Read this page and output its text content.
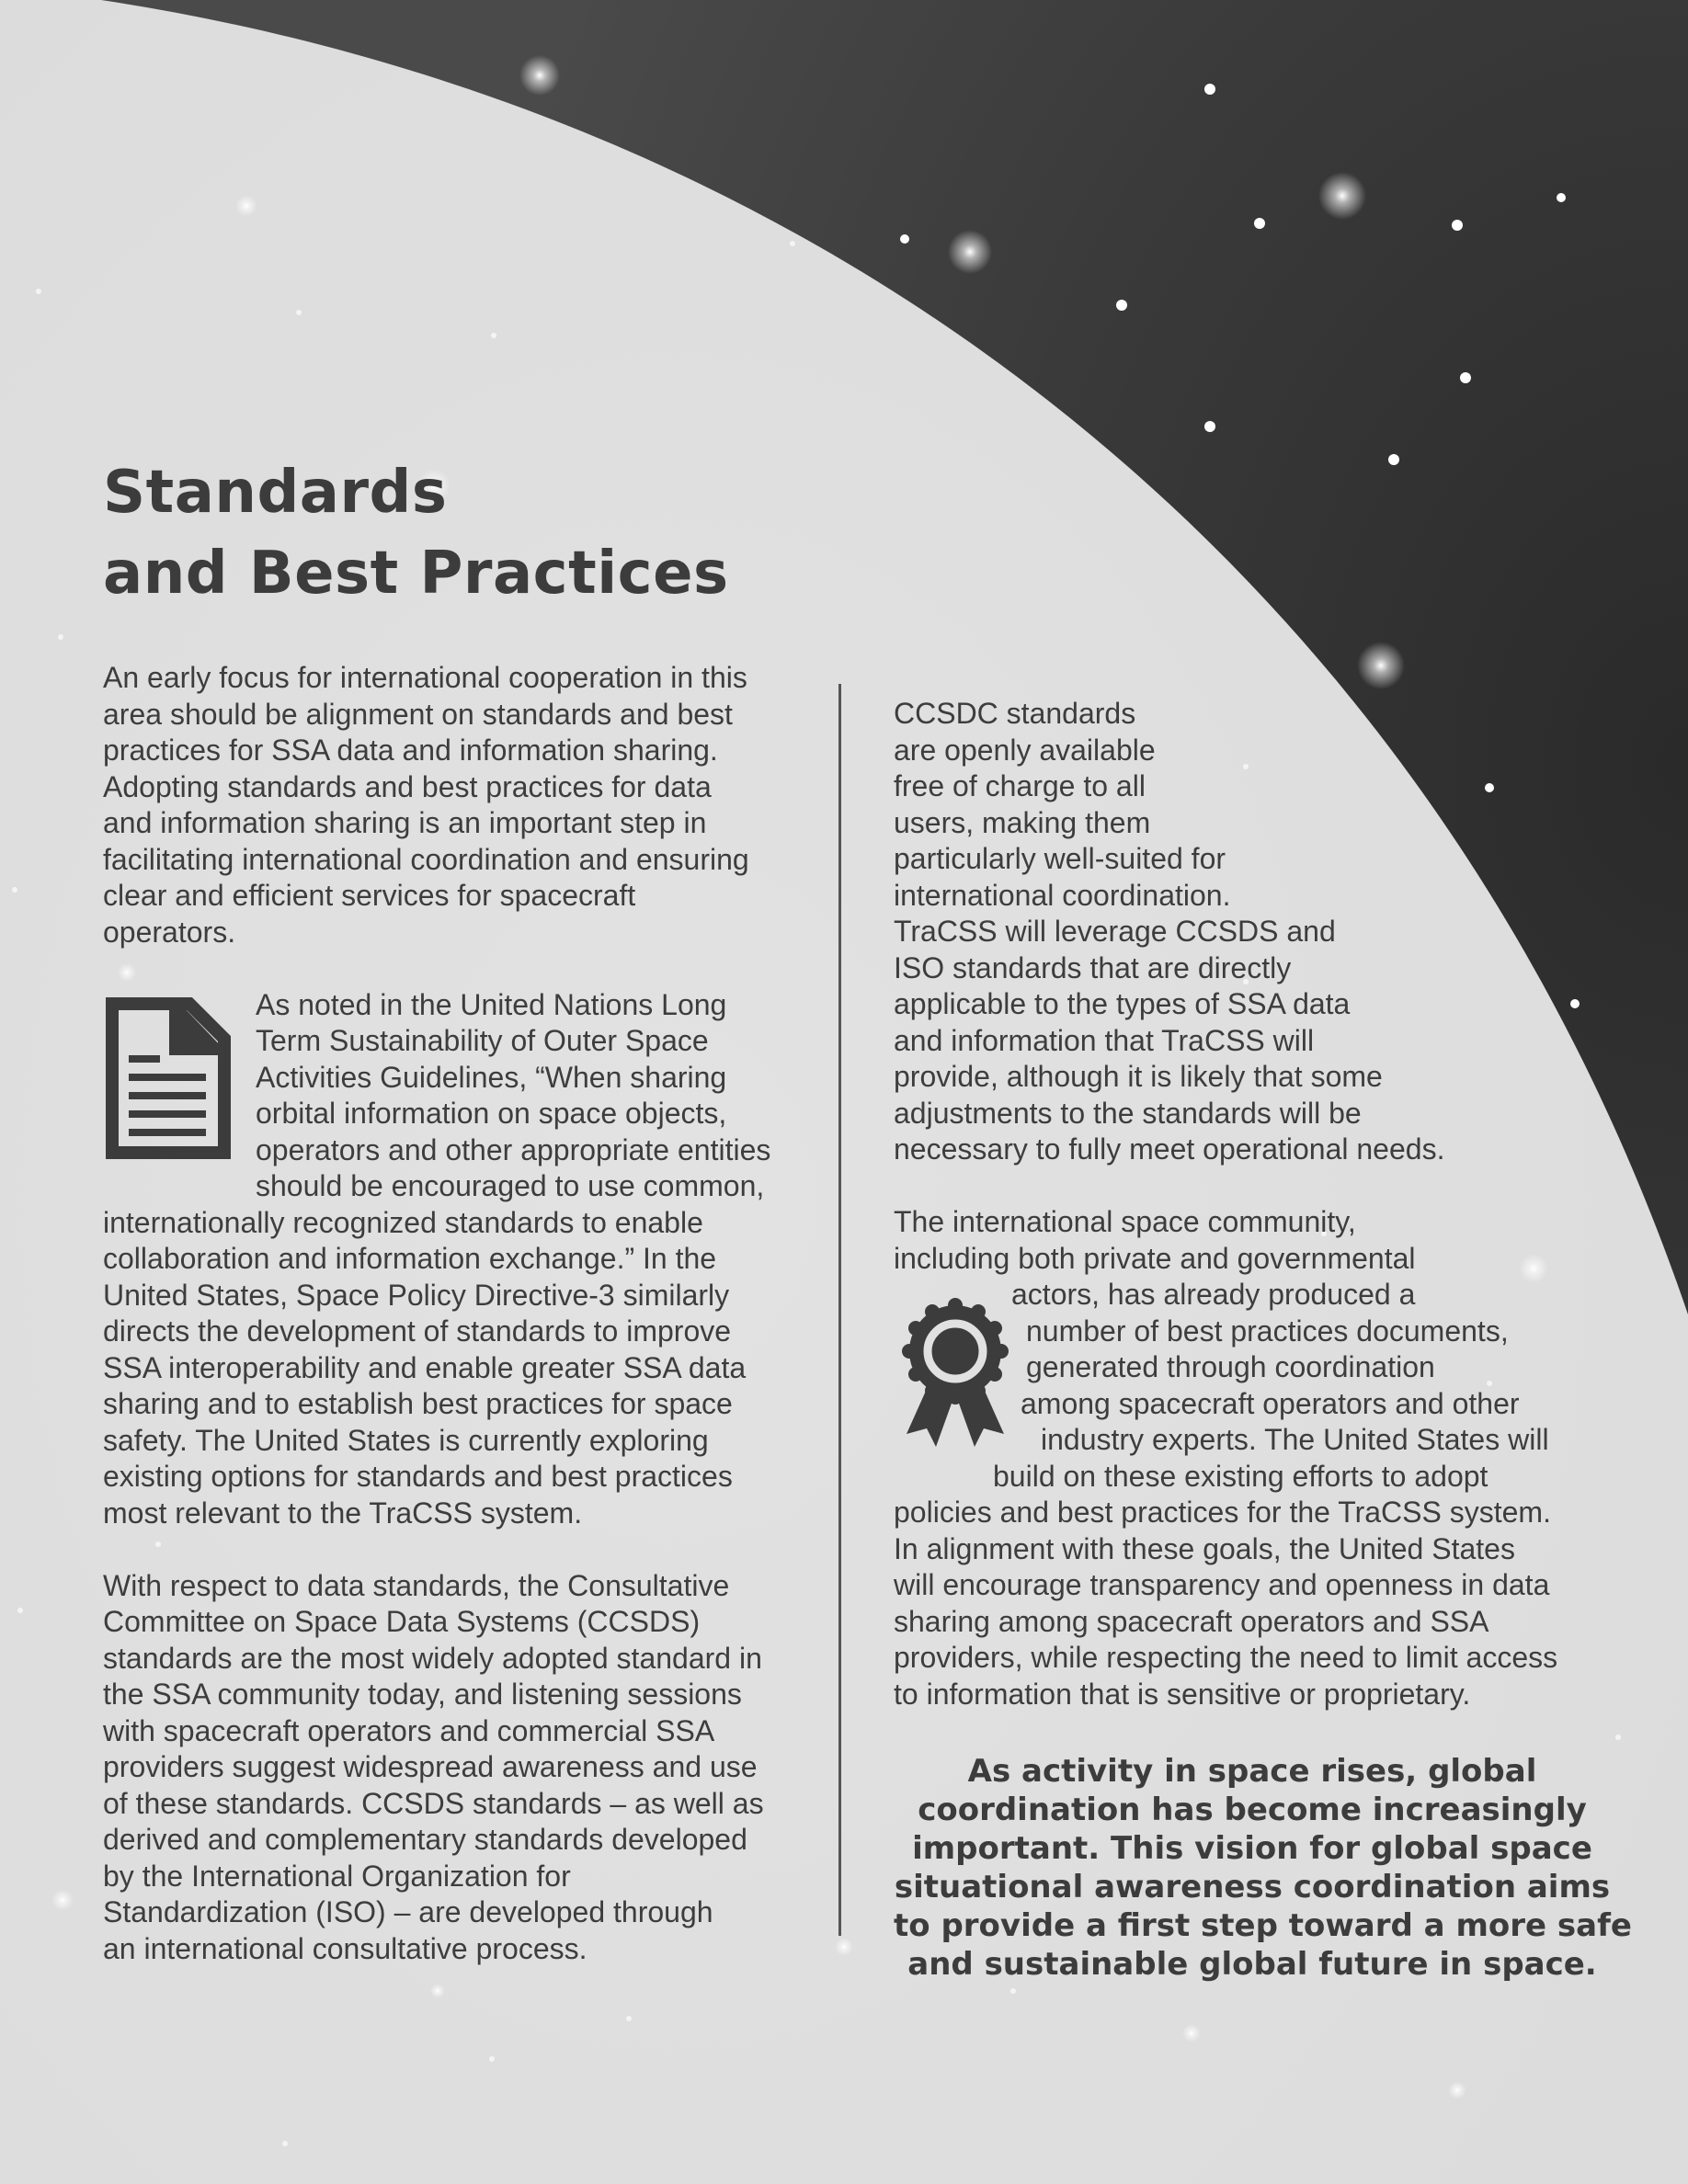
Standards
and Best Practices

An early focus for international cooperation in this
area should be alignment on standards and best
practices for SSA data and information sharing.
Adopting standards and best practices for data
and information sharing is an important step in
facilitating international coordination and ensuring
clear and efficient services for spacecraft
operators.

As noted in the United Nations Long
Term Sustainability of Outer Space
Activities Guidelines, “When sharing
orbital information on space objects,
operators and other appropriate entities
should be encouraged to use common,
internationally recognized standards to enable
collaboration and information exchange.” In the
United States, Space Policy Directive-3 similarly
directs the development of standards to improve
SSA interoperability and enable greater SSA data
sharing and to establish best practices for space
safety. The United States is currently exploring
existing options for standards and best practices
most relevant to the TraCSS system.

With respect to data standards, the Consultative
Committee on Space Data Systems (CCSDS)
standards are the most widely adopted standard in
the SSA community today, and listening sessions
with spacecraft operators and commercial SSA
providers suggest widespread awareness and use
of these standards. CCSDS standards – as well as
derived and complementary standards developed
by the International Organization for
Standardization (ISO) – are developed through
an international consultative process.

CCSDC standards
are openly available
free of charge to all
users, making them
particularly well-suited for
international coordination.
TraCSS will leverage CCSDS and
ISO standards that are directly
applicable to the types of SSA data
and information that TraCSS will
provide, although it is likely that some
adjustments to the standards will be
necessary to fully meet operational needs.

The international space community,
including both private and governmental
actors, has already produced a
number of best practices documents,
generated through coordination
among spacecraft operators and other
industry experts. The United States will
build on these existing efforts to adopt
policies and best practices for the TraCSS system.
In alignment with these goals, the United States
will encourage transparency and openness in data
sharing among spacecraft operators and SSA
providers, while respecting the need to limit access
to information that is sensitive or proprietary.

As activity in space rises, global
coordination has become increasingly
important. This vision for global space
situational awareness coordination aims
to provide a first step toward a more safe
and sustainable global future in space.
